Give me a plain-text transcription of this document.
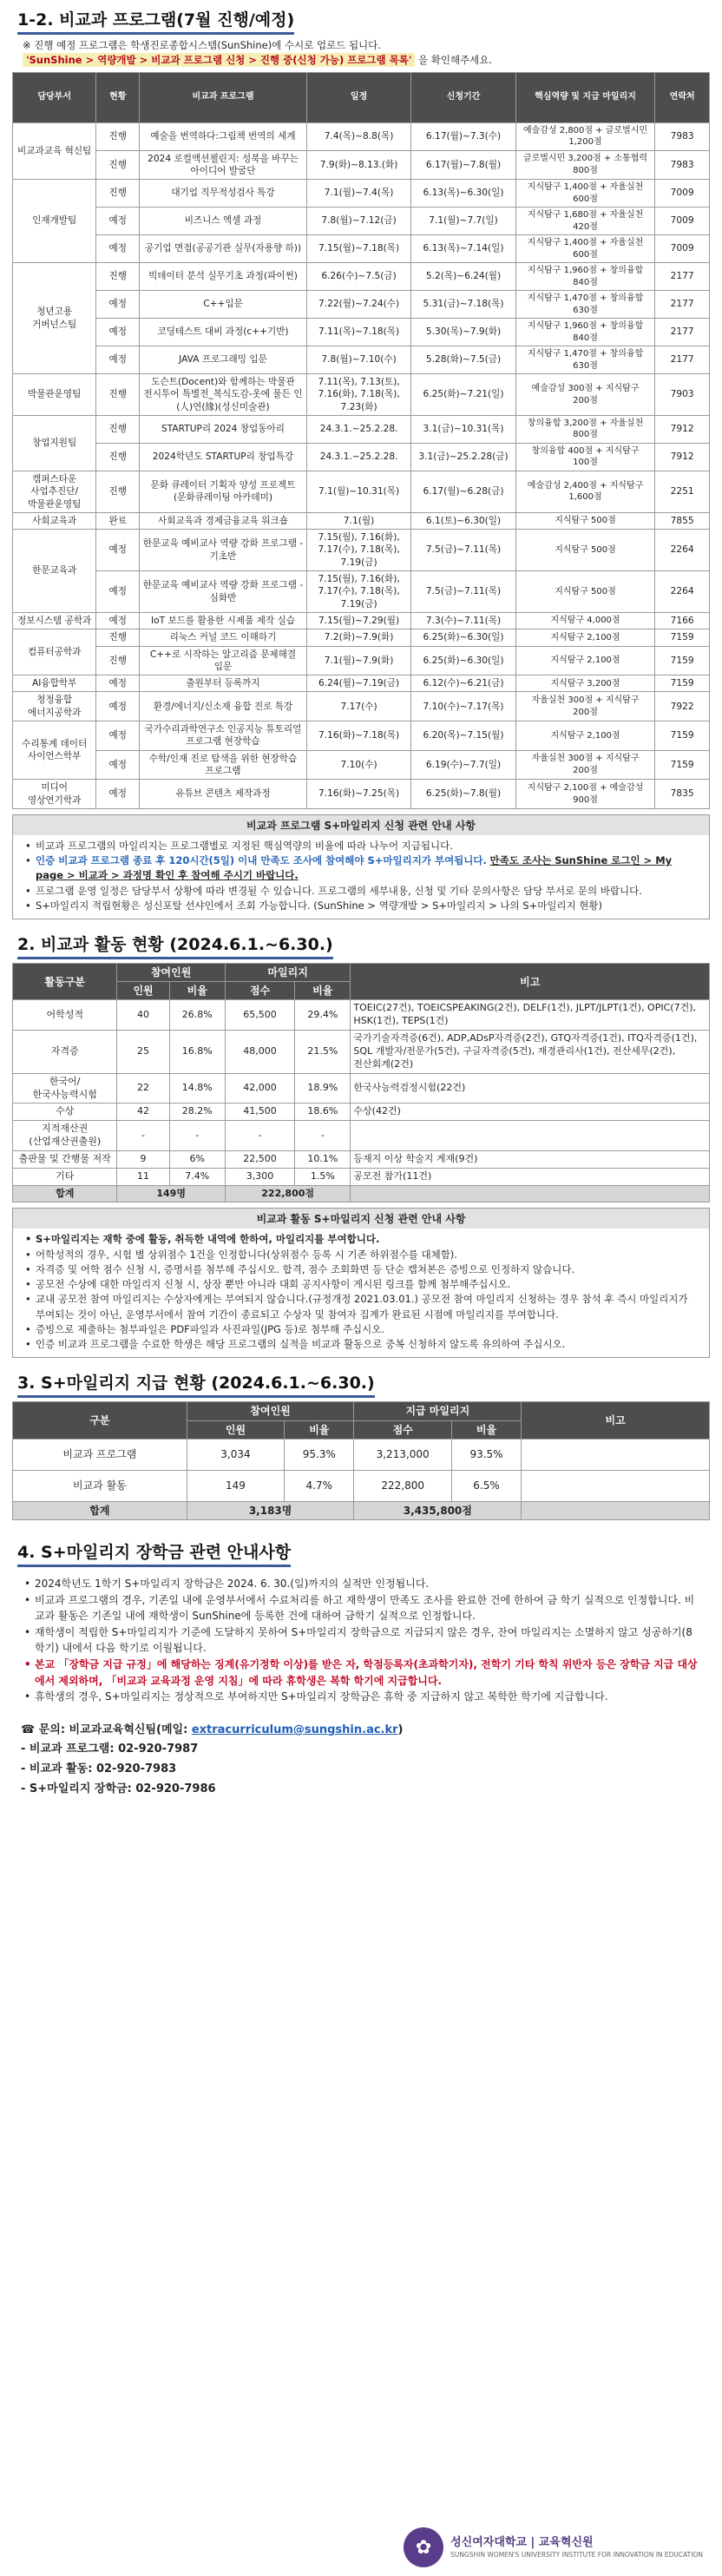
1-2. 비교과 프로그램(7월 진행/예정)
※ 진행 예정 프로그램은 학생진로종합시스템(SunShine)에 수시로 업로드 됩니다.
'SunShine > 역량개발 > 비교과 프로그램 신청 > 진행 중(신청 가능) 프로그램 목록' 을 확인해주세요.
담당부서	현황	비교과 프로그램	일정	신청기간	핵심역량 및 지급 마일리지	연락처
비교과교육 혁신팀	진행	예술을 번역하다:그림책 번역의 세계	7.4(목)~8.8(목)	6.17(월)~7.3(수)	예술감성 2,800점 + 글로벌시민 1,200점	7983
	진행	2024 로컬액션챌린지: 성북을 바꾸는 아이디어 발굴단	7.9(화)~8.13.(화)	6.17(월)~7.8(월)	글로벌시민 3,200점 + 소통협력 800점	7983
인재개발팀	진행	대기업 직무적성검사 특강	7.1(월)~7.4(목)	6.13(목)~6.30(일)	지식탐구 1,400점 + 자율실천 600점	7009
	예정	비즈니스 엑셀 과정	7.8(월)~7.12(금)	7.1(월)~7.7(일)	지식탐구 1,680점 + 자율실천 420점	7009
	예정	공기업 면접(공공기관 실무(자용향 하))	7.15(월)~7.18(목)	6.13(목)~7.14(일)	지식탐구 1,400점 + 자율실천 600점	7009
청년고용 거버넌스팀	진행	빅데이터 분석 실무기초 과정(파이썬)	6.26(수)~7.5(금)	5.2(목)~6.24(월)	지식탐구 1,960점 + 창의융합 840점	2177
	예정	C++입문	7.22(월)~7.24(수)	5.31(금)~7.18(목)	지식탐구 1,470점 + 창의융합 630점	2177
	예정	코딩테스트 대비 과정(c++기반)	7.11(목)~7.18(목)	5.30(목)~7.9(화)	지식탐구 1,960점 + 창의융합 840점	2177
	예정	JAVA 프로그래밍 입문	7.8(월)~7.10(수)	5.28(화)~7.5(금)	지식탐구 1,470점 + 창의융합 630점	2177
박물관운영팀	진행	도슨트(Docent)와 함께하는 박물관 전시투어 특별전_복식도감-옷에 물든 인(人)연(緣)(성신미술관)	7.11(목), 7.13(토), 7.16(화), 7.18(목), 7.23(화)	6.25(화)~7.21(일)	예술감성 300점 + 지식탐구 200점	7903
창업지원팀	진행	STARTUP리 2024 창업동아리	24.3.1.~25.2.28.	3.1(금)~10.31(목)	창의융합 3,200점 + 자율실천 800점	7912
	진행	2024학년도 STARTUP리 창업특강	24.3.1.~25.2.28.	3.1(금)~25.2.28(금)	창의융합 400점 + 지식탐구 100점	7912
캠퍼스타운 사업추진단/ 박물관운영팀	진행	문화 큐레이터 기획자 양성 프로젝트(문화큐레이팅 아카데미)	7.1(월)~10.31(목)	6.17(월)~6.28(금)	예술감성 2,400점 + 지식탐구 1,600점	2251
사회교육과	완료	사회교육과 경제금융교육 워크숍	7.1(월)	6.1(토)~6.30(일)	지식탐구 500점	7855
한문교육과	예정	한문교육 예비교사 역량 강화 프로그램 - 기초반	7.15(월), 7.16(화), 7.17(수), 7.18(목), 7.19(금)	7.5(금)~7.11(목)	지식탐구 500점	2264
	예정	한문교육 예비교사 역량 강화 프로그램 - 심화반	7.15(월), 7.16(화), 7.17(수), 7.18(목), 7.19(금)	7.5(금)~7.11(목)	지식탐구 500점	2264
정보시스템 공학과	예정	IoT 보드를 활용한 시제품 제작 실습	7.15(월)~7.29(월)	7.3(수)~7.11(목)	지식탐구 4,000점	7166
컴퓨터공학과	진행	리눅스 커널 코드 이해하기	7.2(화)~7.9(화)	6.25(화)~6.30(일)	지식탐구 2,100점	7159
	진행	C++로 시작하는 알고리즘 문제해결 입문	7.1(월)~7.9(화)	6.25(화)~6.30(일)	지식탐구 2,100점	7159
AI융합학부	예정	출원부터 등록까지	6.24(월)~7.19(금)	6.12(수)~6.21(금)	지식탐구 3,200점	7159
청정융합 에너지공학과	예정	환경/에너지/신소재 융합 진로 특강	7.17(수)	7.10(수)~7.17(목)	자율실천 300점 + 지식탐구 200점	7922
수리통계 데이터 사이언스학부	예정	국가수리과학연구소 인공지능 튜토리얼 프로그램 현장학습	7.16(화)~7.18(목)	6.20(목)~7.15(월)	지식탐구 2,100점	7159
	예정	수학/인재 진로 탐색을 위한 현장학습 프로그램	7.10(수)	6.19(수)~7.7(일)	자율실천 300점 + 지식탐구 200점	7159
미디어 영상연기학과	예정	유튜브 콘텐츠 제작과정	7.16(화)~7.25(목)	6.25(화)~7.8(월)	지식탐구 2,100점 + 예술감성 900점	7835
비교과 프로그램 S+마일리지 신청 관련 안내 사항
• 비교과 프로그램의 마일리지는 프로그램별로 지정된 핵심역량의 비율에 따라 나누어 지급됩니다.
• 인증 비교과 프로그램 종료 후 120시간(5일) 이내 만족도 조사에 참여해야 S+마일리지가 부여됩니다. 만족도 조사는 SunShine 로그인 > My page > 비교과 > 과정명 확인 후 참여해 주시기 바랍니다.
• 프로그램 운영 일정은 담당부서 상황에 따라 변경될 수 있습니다. 프로그램의 세부내용, 신청 및 기타 문의사항은 담당 부서로 문의 바랍니다.
• S+마일리지 적립현황은 성신포탈 선샤인에서 조회 가능합니다. (SunShine > 역량개발 > S+마일리지 > 나의 S+마일리지 현황)
2. 비교과 활동 현황 (2024.6.1.~6.30.)
활동구분	참여인원		마일리지		비고
	인원	비율	점수	비율	
어학성적	40	26.8%	65,500	29.4%	TOEIC(27건), TOEICSPEAKING(2건), DELF(1건), JLPT/JLPT(1건), OPIC(7건), HSK(1건), TEPS(1건)
자격증	25	16.8%	48,000	21.5%	국가기술자격증(6건), ADP,ADsP자격증(2건), GTQ자격증(1건), ITQ자격증(1건), SQL 개발자/전문가(5건), 구글자격증(5건), 재경관리사(1건), 전산세무(2건), 전산회계(2건)
한국어/ 한국사능력시험	22	14.8%	42,000	18.9%	한국사능력검정시험(22건)
수상	42	28.2%	41,500	18.6%	수상(42건)
지적재산권 (산업재산권출원)	-	-	-	-	
출판물 및 간행물 저작	9	6%	22,500	10.1%	등재지 이상 학술지 게재(9건)
기타	11	7.4%	3,300	1.5%	공모전 참가(11건)
합계	149명		222,800점		
비교과 활동 S+마일리지 신청 관련 안내 사항
• S+마일리지는 재학 중에 활동, 취득한 내역에 한하여, 마일리지를 부여합니다.
• 어학성적의 경우, 시험 별 상위점수 1건을 인정합니다(상위점수 등록 시 기존 하위점수를 대체함).
• 자격증 및 어학 점수 신청 시, 증명서를 첨부해 주십시오. 합격, 점수 조회화면 등 단순 캡쳐본은 증빙으로 인정하지 않습니다.
• 공모전 수상에 대한 마일리지 신청 시, 상장 뿐만 아니라 대회 공지사항이 게시된 링크를 함께 첨부해주십시오.
• 교내 공모전 참여 마일리지는 수상자에게는 부여되지 않습니다.(규정개정 2021.03.01.) 공모전 참여 마일리지 신청하는 경우 참석 후 즉시 마일리지가 부여되는 것이 아닌, 운영부서에서 참여 기간이 종료되고 수상자 및 참여자 집계가 완료된 시점에 마일리지를 부여합니다.
• 증빙으로 제출하는 첨부파일은 PDF파일과 사진파일(JPG 등)로 첨부해 주십시오.
• 인증 비교과 프로그램을 수료한 학생은 해당 프로그램의 실적을 비교과 활동으로 중복 신청하지 않도록 유의하여 주십시오.
3. S+마일리지 지급 현황 (2024.6.1.~6.30.)
구분	참여인원		지급 마일리지		비고
	인원	비율	점수	비율	
비교과 프로그램	3,034	95.3%	3,213,000	93.5%	
비교과 활동	149	4.7%	222,800	6.5%	
합계	3,183명		3,435,800점		
4. S+마일리지 장학금 관련 안내사항
• 2024학년도 1학기 S+마일리지 장학금은 2024. 6. 30.(일)까지의 실적만 인정됩니다.
• 비교과 프로그램의 경우, 기존일 내에 운영부서에서 수료처리를 하고 재학생이 만족도 조사를 완료한 건에 한하여 금 학기 실적으로 인정합니다. 비교과 활동은 기존일 내에 재학생이 SunShine에 등록한 건에 대하여 금학기 실적으로 인정합니다.
• 재학생이 적립한 S+마일리지가 기준에 도달하지 못하여 S+마일리지 장학금으로 지급되지 않은 경우, 잔여 마일리지는 소멸하지 않고 성공하기(8학기) 내에서 다음 학기로 이월됩니다.
• 본교 「장학금 지급 규정」에 해당하는 징계(유기정학 이상)를 받은 자, 학점등록자(초과학기자), 전학기 기타 학칙 위반자 등은 장학금 지급 대상에서 제외하며, 「비교과 교육과정 운영 지침」에 따라 휴학생은 복학 학기에 지급합니다.
• 휴학생의 경우, S+마일리지는 정상적으로 부여하지만 S+마일리지 장학금은 휴학 중 지급하지 않고 복학한 학기에 지급합니다.
☎ 문의: 비교과교육혁신팀(메일: extracurriculum@sungshin.ac.kr)
- 비교과 프로그램: 02-920-7987
- 비교과 활동: 02-920-7983
- S+마일리지 장학금: 02-920-7986
✿	성신여자대학교 | 교육혁신원
SUNGSHIN WOMEN'S UNIVERSITY INSTITUTE FOR INNOVATION IN EDUCATION
